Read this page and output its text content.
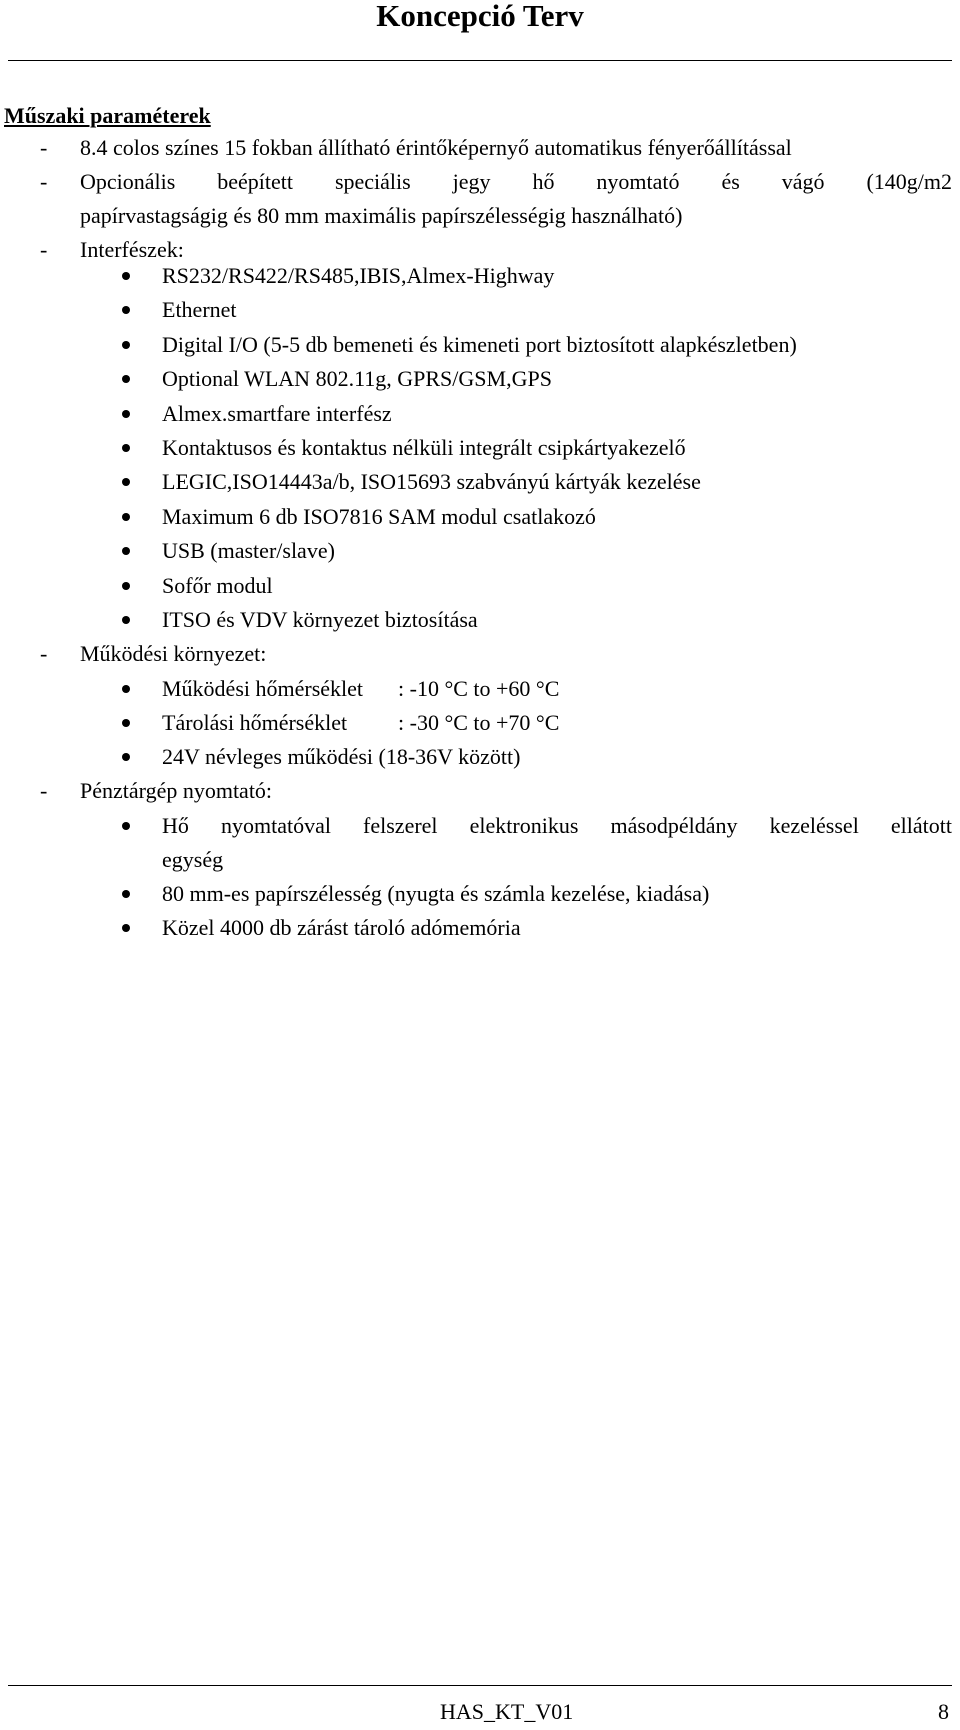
Koncepció Terv
Műszaki paraméterek
- 8.4 colos színes 15 fokban állítható érintőképernyő automatikus fényerőállítással
- Opcionális beépített speciális jegy hő nyomtató és vágó (140g/m2
papírvastagságig és 80 mm maximális papírszélességig használható)
- Interfészek:
RS232/RS422/RS485,IBIS,Almex-Highway
Ethernet
Digital I/O (5-5 db bemeneti és kimeneti port biztosított alapkészletben)
Optional WLAN 802.11g, GPRS/GSM,GPS
Almex.smartfare interfész
Kontaktusos és kontaktus nélküli integrált csipkártyakezelő
LEGIC,ISO14443a/b, ISO15693 szabványú kártyák kezelése
Maximum 6 db ISO7816 SAM modul csatlakozó
USB (master/slave)
Sofőr modul
ITSO és VDV környezet biztosítása
- Működési környezet:
Működési hőmérséklet : -10 °C to +60 °C
Tárolási hőmérséklet : -30 °C to +70 °C
24V névleges működési (18-36V között)
- Pénztárgép nyomtató:
Hő nyomtatóval felszerel elektronikus másodpéldány kezeléssel ellátott
egység
80 mm-es papírszélesség (nyugta és számla kezelése, kiadása)
Közel 4000 db zárást tároló adómemória
HAS_KT_V01	8
